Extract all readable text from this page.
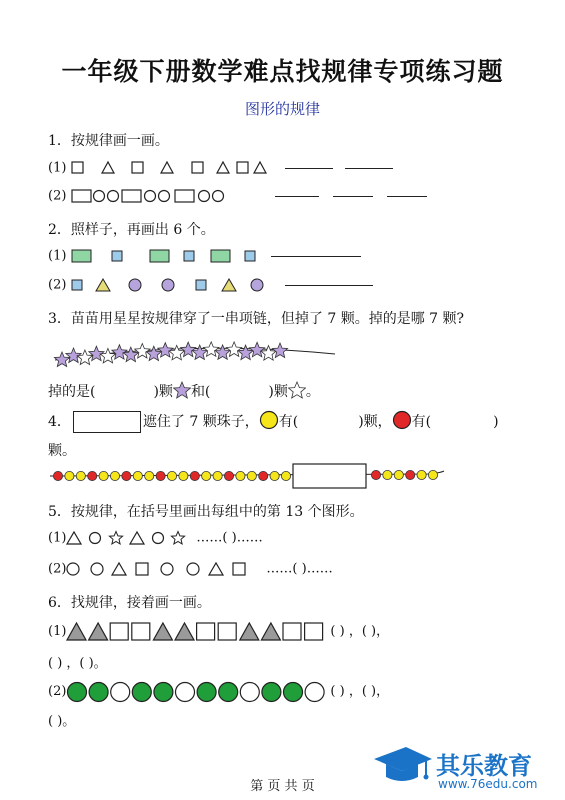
一年级下册数学难点找规律专项练习题
图形的规律
1．按规律画一画。
(1)
(2)
2．照样子，再画出 6 个。
(1)
(2)
3．苗苗用星星按规律穿了一串项链，但掉了 7 颗。掉的是哪 7 颗?
掉的是(	)颗 和(	)颗 。
4．	遮住了 7 颗珠子， 有(	)颗， 有(	)
颗。
5．按规律，在括号里画出每组中的第 13 个图形。
(1)	……( )……
(2)	……( )……
6．找规律，接着画一画。
(1)	( ) ，( )，
( ) ，( )。
(2)	( ) ，( )，
( )。
其乐教育
www.76edu.com
第 页 共 页
